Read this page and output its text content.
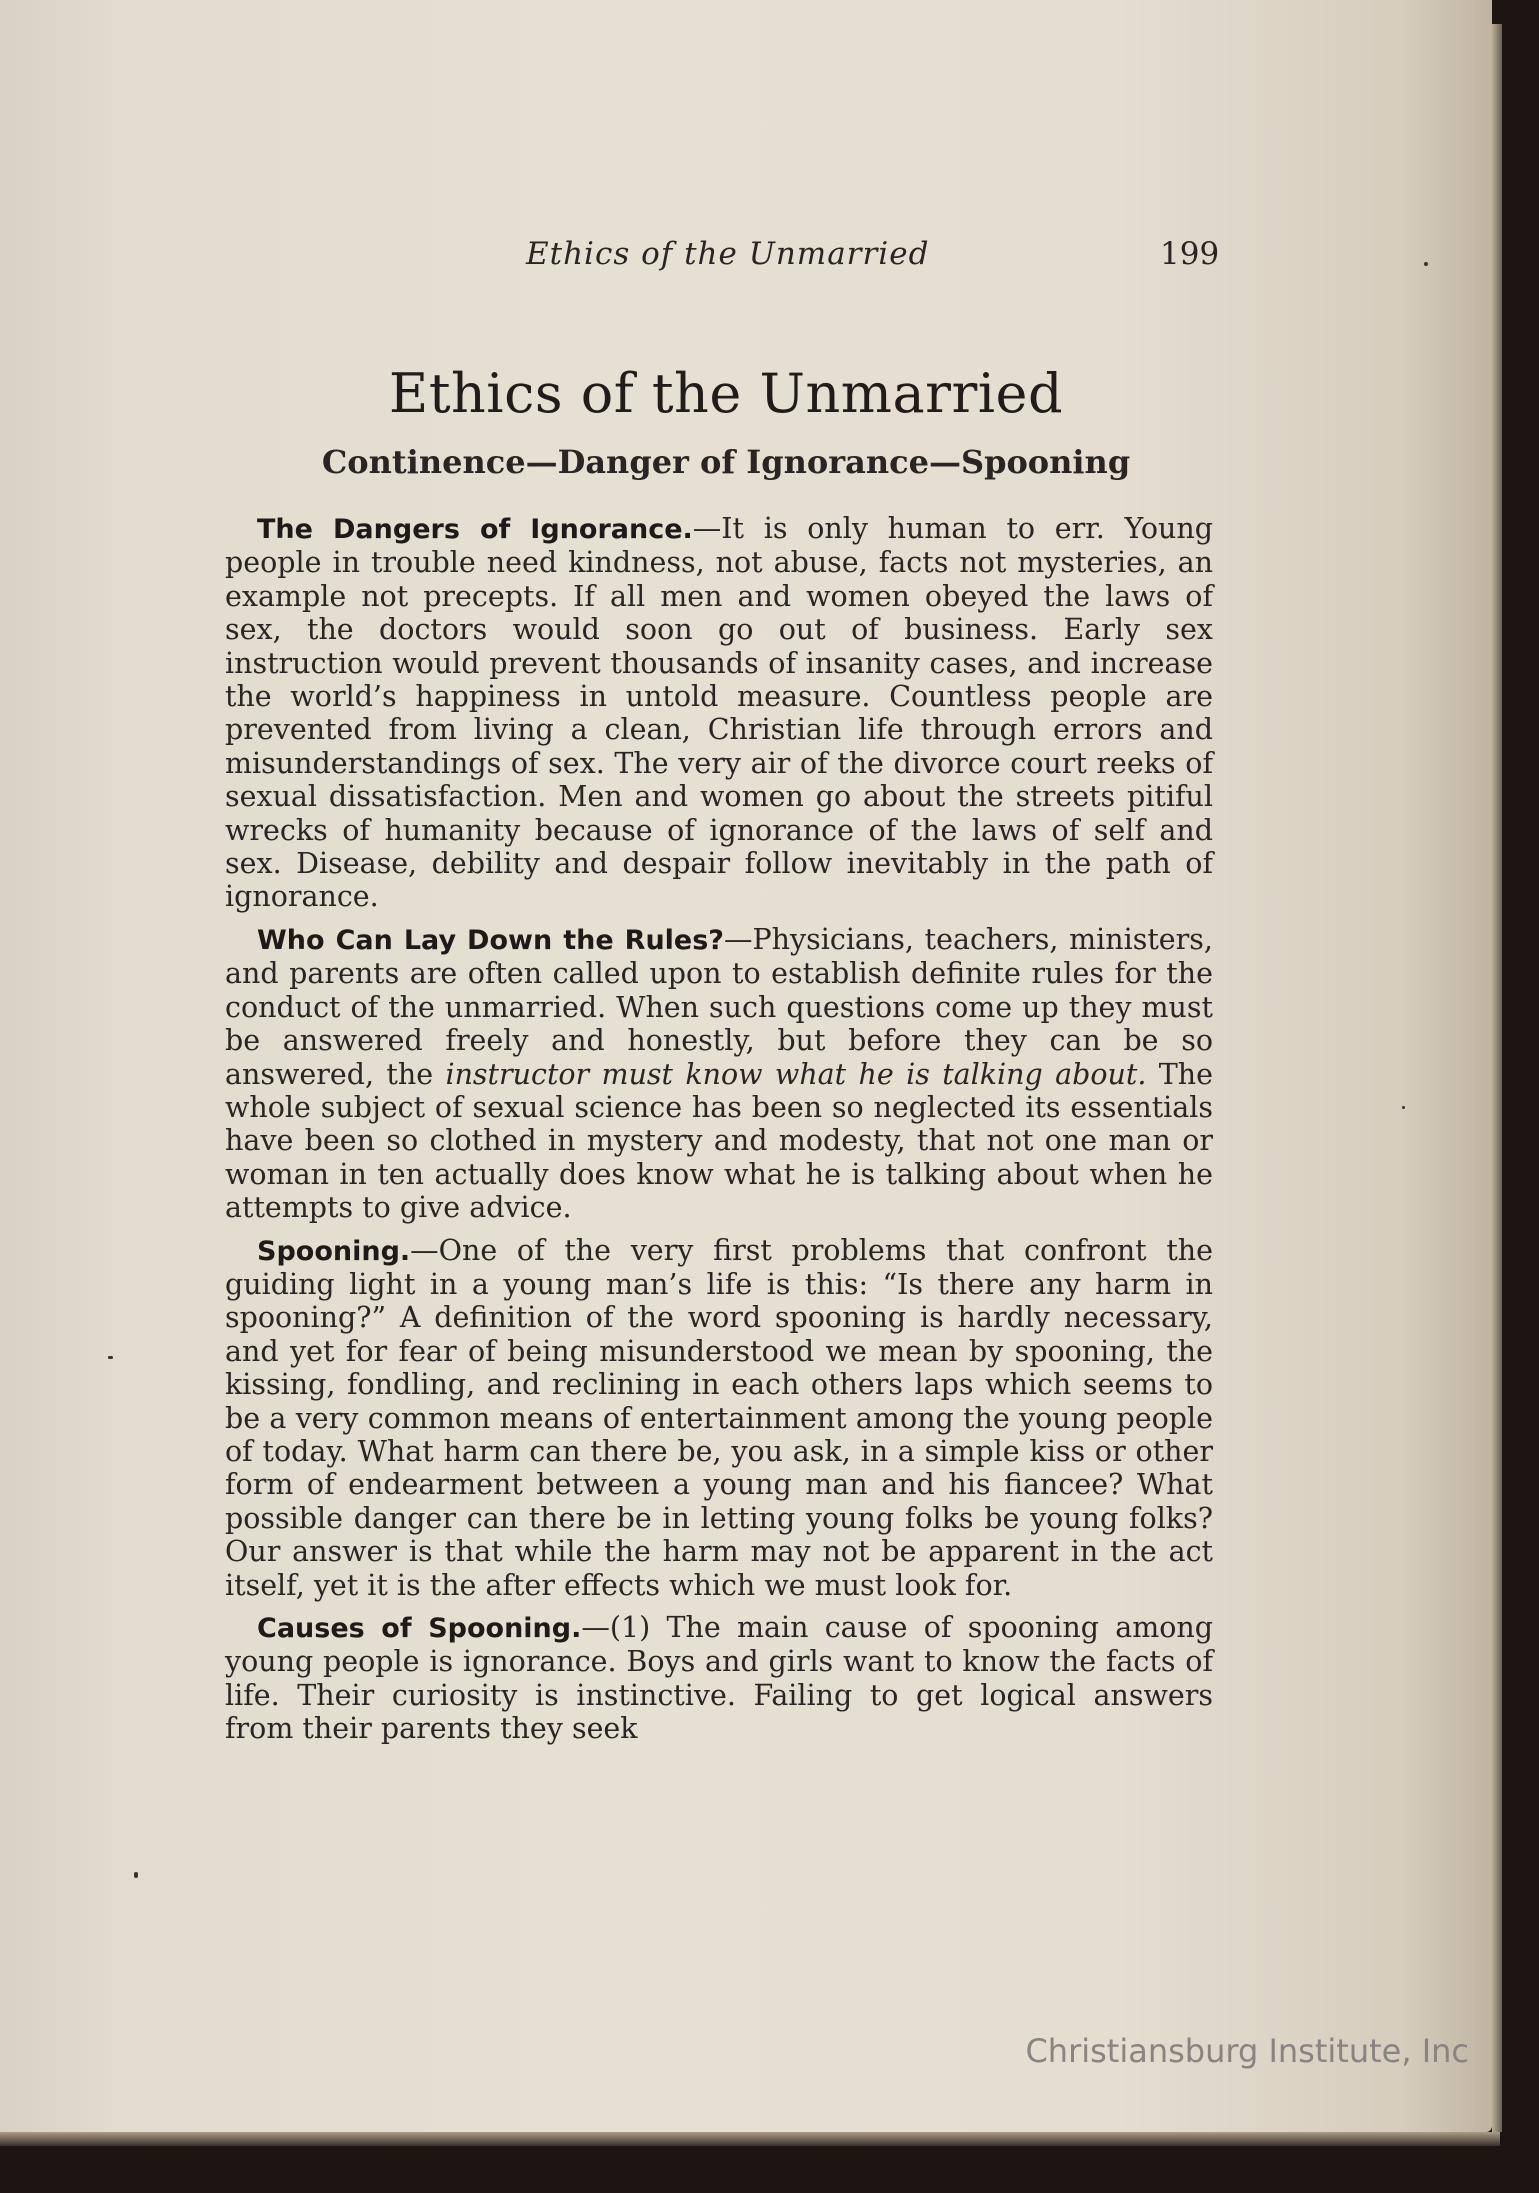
Ethics of the Unmarried	199
Ethics of the Unmarried
Continence—Danger of Ignorance—Spooning

The Dangers of Ignorance.—It is only human to err. Young people in trouble need kindness, not abuse, facts not mysteries, an example not precepts. If all men and women obeyed the laws of sex, the doctors would soon go out of business. Early sex instruction would prevent thousands of insanity cases, and increase the world’s happiness in untold measure. Countless people are prevented from living a clean, Christian life through errors and misunderstandings of sex. The very air of the divorce court reeks of sexual dissatisfaction. Men and women go about the streets pitiful wrecks of humanity because of ignorance of the laws of self and sex. Disease, debility and despair follow inevitably in the path of ignorance.

Who Can Lay Down the Rules?—Physicians, teachers, ministers, and parents are often called upon to establish definite rules for the conduct of the unmarried. When such questions come up they must be answered freely and honestly, but before they can be so answered, the instructor must know what he is talking about. The whole subject of sexual science has been so neglected its essentials have been so clothed in mystery and modesty, that not one man or woman in ten actually does know what he is talking about when he attempts to give advice.

Spooning.—One of the very first problems that confront the guiding light in a young man’s life is this: “Is there any harm in spooning?” A definition of the word spooning is hardly necessary, and yet for fear of being misunderstood we mean by spooning, the kissing, fondling, and reclining in each others laps which seems to be a very common means of entertainment among the young people of today. What harm can there be, you ask, in a simple kiss or other form of endearment between a young man and his fiancee? What possible danger can there be in letting young folks be young folks? Our answer is that while the harm may not be apparent in the act itself, yet it is the after effects which we must look for.

Causes of Spooning.—(1) The main cause of spooning among young people is ignorance. Boys and girls want to know the facts of life. Their curiosity is instinctive. Failing to get logical answers from their parents they seek

Christiansburg Institute, Inc
